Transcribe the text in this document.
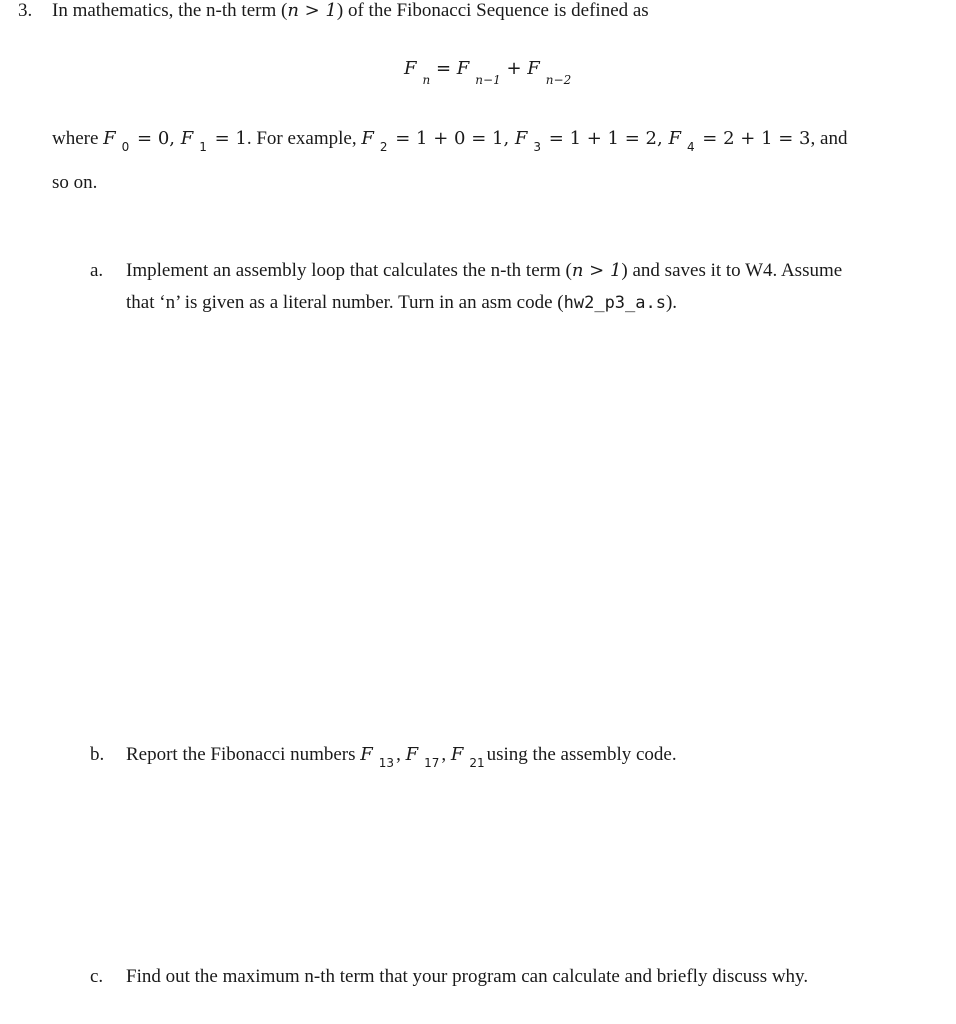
3. In mathematics, the n-th term (n > 1) of the Fibonacci Sequence is defined as
$F_n = F_{n-1} + F_{n-2}$
where F $_0$ = 0, F $_1$ = 1. For example, F $_2$ = 1 + 0 = 1, F $_3$ = 1 + 1 = 2, F $_4$ = 2 + 1 = 3, and
so on.
a. Implement an assembly loop that calculates the n-th term (n > 1) and saves it to W4. Assume
that ‘n’ is given as a literal number. Turn in an asm code (hw2_p3_a.s).
b. Report the Fibonacci numbers F $_{13}$ , F $_{17}$ , F $_{21}$ using the assembly code.
c. Find out the maximum n-th term that your program can calculate and briefly discuss why.
